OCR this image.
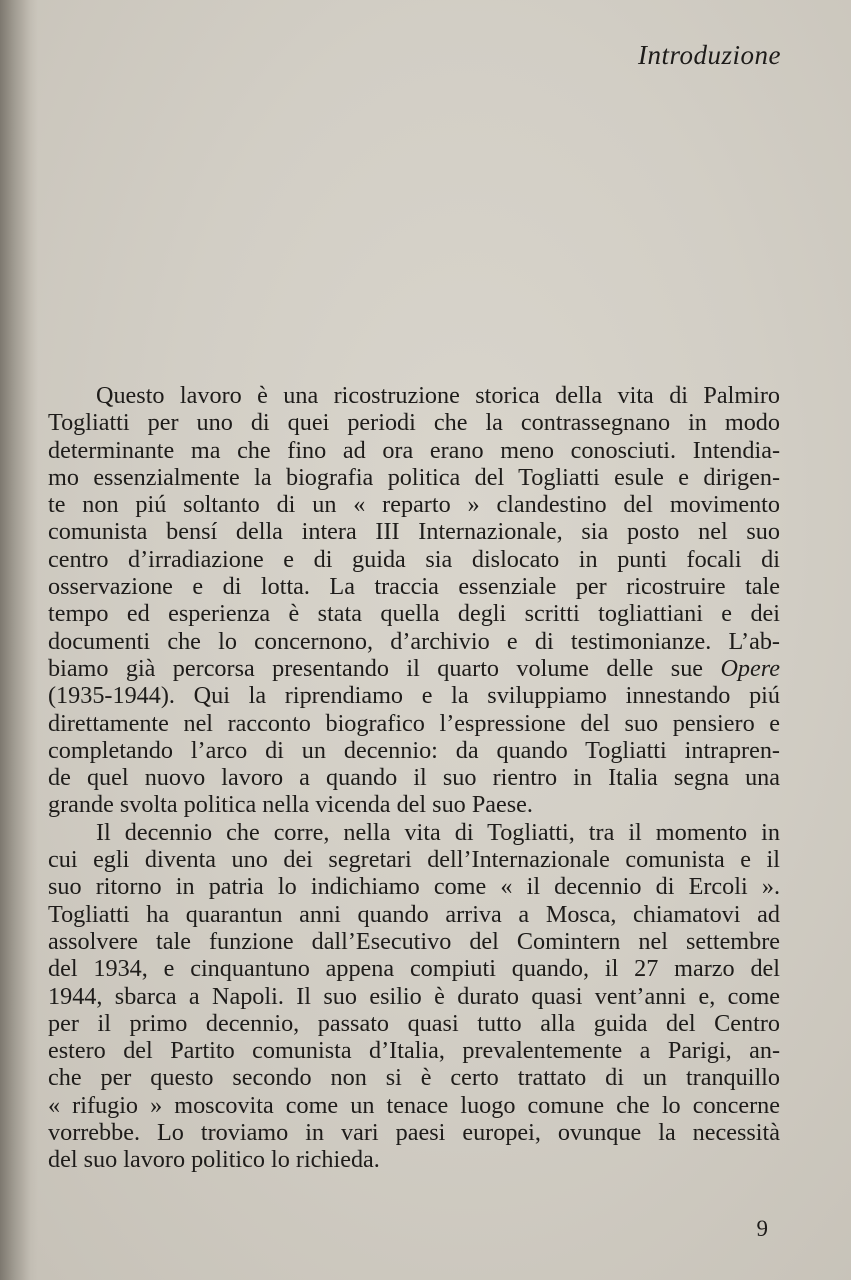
Introduzione
Questo lavoro è una ricostruzione storica della vita di Palmiro
Togliatti per uno di quei periodi che la contrassegnano in modo
determinante ma che fino ad ora erano meno conosciuti. Intendia-
mo essenzialmente la biografia politica del Togliatti esule e dirigen-
te non piú soltanto di un « reparto » clandestino del movimento
comunista bensí della intera III Internazionale, sia posto nel suo
centro d’irradiazione e di guida sia dislocato in punti focali di
osservazione e di lotta. La traccia essenziale per ricostruire tale
tempo ed esperienza è stata quella degli scritti togliattiani e dei
documenti che lo concernono, d’archivio e di testimonianze. L’ab-
biamo già percorsa presentando il quarto volume delle sue Opere
(1935-1944). Qui la riprendiamo e la sviluppiamo innestando piú
direttamente nel racconto biografico l’espressione del suo pensiero e
completando l’arco di un decennio: da quando Togliatti intrapren-
de quel nuovo lavoro a quando il suo rientro in Italia segna una
grande svolta politica nella vicenda del suo Paese.
Il decennio che corre, nella vita di Togliatti, tra il momento in
cui egli diventa uno dei segretari dell’Internazionale comunista e il
suo ritorno in patria lo indichiamo come « il decennio di Ercoli ».
Togliatti ha quarantun anni quando arriva a Mosca, chiamatovi ad
assolvere tale funzione dall’Esecutivo del Comintern nel settembre
del 1934, e cinquantuno appena compiuti quando, il 27 marzo del
1944, sbarca a Napoli. Il suo esilio è durato quasi vent’anni e, come
per il primo decennio, passato quasi tutto alla guida del Centro
estero del Partito comunista d’Italia, prevalentemente a Parigi, an-
che per questo secondo non si è certo trattato di un tranquillo
« rifugio » moscovita come un tenace luogo comune che lo concerne
vorrebbe. Lo troviamo in vari paesi europei, ovunque la necessità
del suo lavoro politico lo richieda.
9
